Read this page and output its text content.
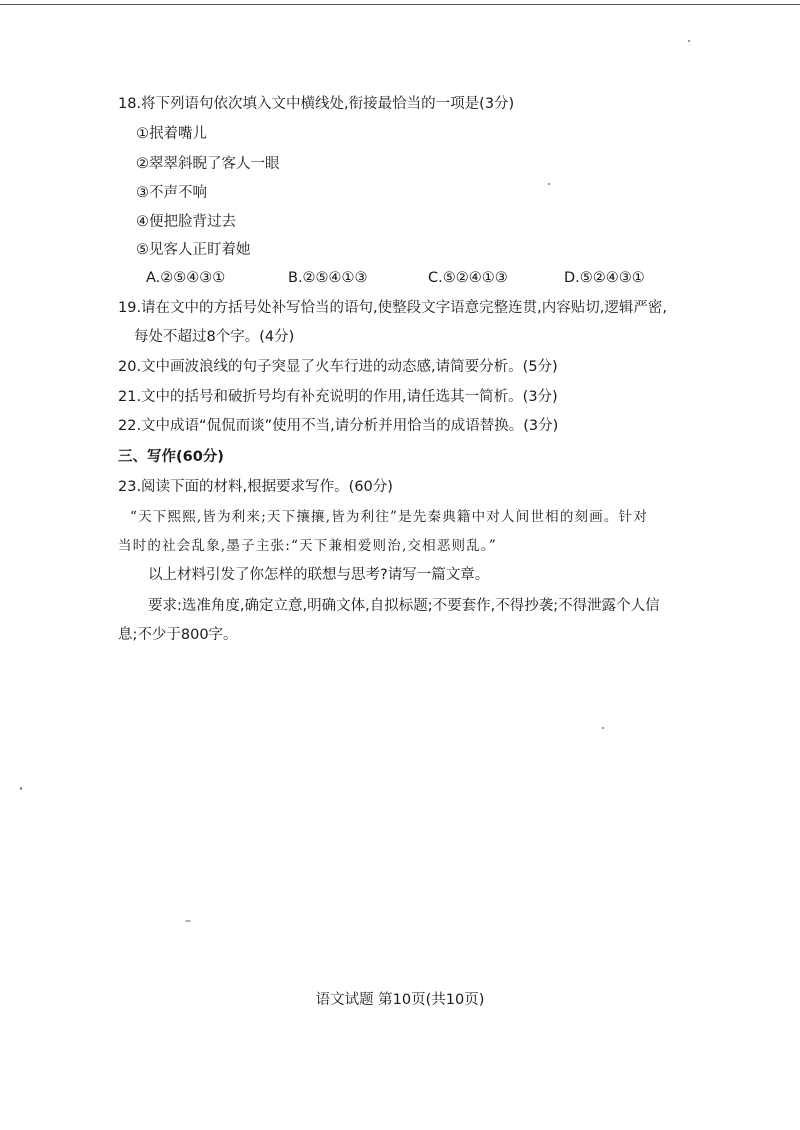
18.将下列语句依次填入文中横线处,衔接最恰当的一项是(3分)
①抿着嘴儿
②翠翠斜睨了客人一眼
③不声不响
④便把脸背过去
⑤见客人正盯着她
A.②⑤④③①	B.②⑤④①③	C.⑤②④①③	D.⑤②④③①
19.请在文中的方括号处补写恰当的语句,使整段文字语意完整连贯,内容贴切,逻辑严密,
每处不超过8个字。(4分)
20.文中画波浪线的句子突显了火车行进的动态感,请简要分析。(5分)
21.文中的括号和破折号均有补充说明的作用,请任选其一简析。(3分)
22.文中成语“侃侃而谈”使用不当,请分析并用恰当的成语替换。(3分)
三、写作(60分)
23.阅读下面的材料,根据要求写作。(60分)
“天下熙熙,皆为利来;天下攘攘,皆为利往”是先秦典籍中对人间世相的刻画。针对
当时的社会乱象,墨子主张:“天下兼相爱则治,交相恶则乱。”
以上材料引发了你怎样的联想与思考?请写一篇文章。
要求:选准角度,确定立意,明确文体,自拟标题;不要套作,不得抄袭;不得泄露个人信
息;不少于800字。
语文试题 第10页(共10页)
